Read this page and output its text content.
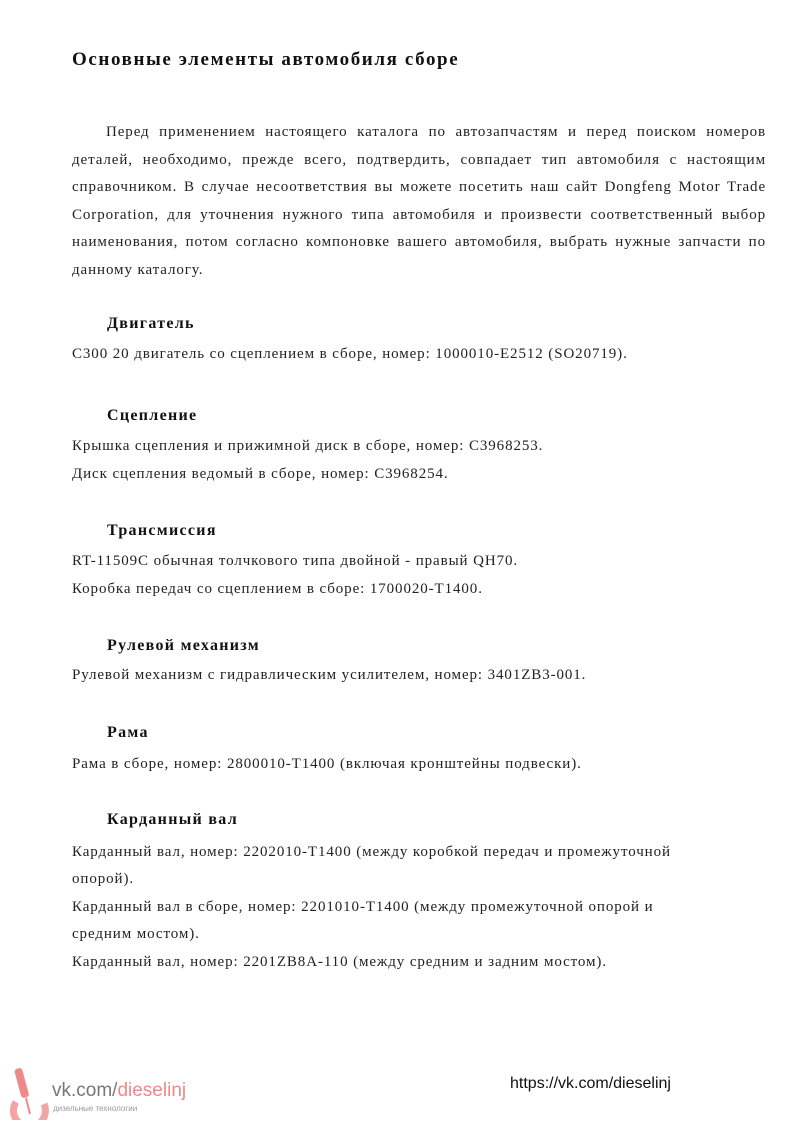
Основные элементы автомобиля сборе
Перед применением настоящего каталога по автозапчастям и перед поиском номеров деталей, необходимо, прежде всего, подтвердить, совпадает тип автомобиля с настоящим справочником. В случае несоответствия вы можете посетить наш сайт Dongfeng Motor Trade Corporation, для уточнения нужного типа автомобиля и произвести соответственный выбор наименования, потом согласно компоновке вашего автомобиля, выбрать нужные запчасти по данному каталогу.
Двигатель
С300 20 двигатель со сцеплением в сборе, номер: 1000010-E2512 (SO20719).
Сцепление
Крышка сцепления и прижимной диск в сборе, номер: C3968253.
Диск сцепления ведомый в сборе, номер: C3968254.
Трансмиссия
RT-11509C обычная толчкового типа двойной - правый QH70.
Коробка передач со сцеплением в сборе: 1700020-T1400.
Рулевой механизм
Рулевой механизм с гидравлическим усилителем, номер: 3401ZB3-001.
Рама
Рама в сборе, номер: 2800010-T1400 (включая кронштейны подвески).
Карданный вал
Карданный вал, номер: 2202010-T1400 (между коробкой передач и промежуточной
опорой).
Карданный вал в сборе, номер: 2201010-T1400 (между промежуточной опорой и
средним мостом).
Карданный вал, номер: 2201ZB8A-110 (между средним и задним мостом).
vk.com/dieselinj
дизельные технологии
https://vk.com/dieselinj
